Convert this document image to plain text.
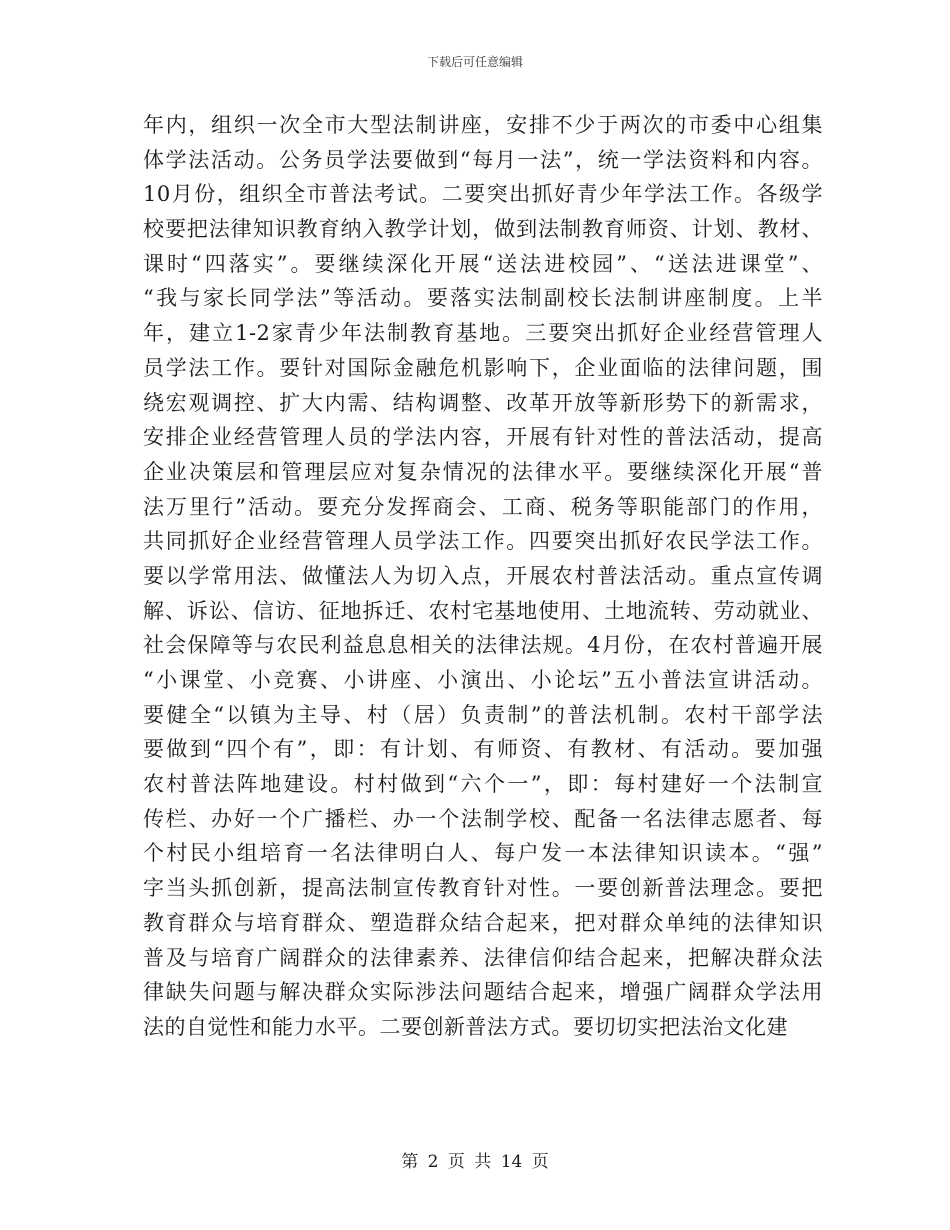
下载后可任意编辑
年内，组织一次全市大型法制讲座，安排不少于两次的市委中心组集
体学法活动。公务员学法要做到“每月一法”，统一学法资料和内容。
10月份，组织全市普法考试。二要突出抓好青少年学法工作。各级学
校要把法律知识教育纳入教学计划，做到法制教育师资、计划、教材、
课时“四落实”。要继续深化开展“送法进校园”、“送法进课堂”、
“我与家长同学法”等活动。要落实法制副校长法制讲座制度。上半
年，建立1-2家青少年法制教育基地。三要突出抓好企业经营管理人
员学法工作。要针对国际金融危机影响下，企业面临的法律问题，围
绕宏观调控、扩大内需、结构调整、改革开放等新形势下的新需求，
安排企业经营管理人员的学法内容，开展有针对性的普法活动，提高
企业决策层和管理层应对复杂情况的法律水平。要继续深化开展“普
法万里行”活动。要充分发挥商会、工商、税务等职能部门的作用，
共同抓好企业经营管理人员学法工作。四要突出抓好农民学法工作。
要以学常用法、做懂法人为切入点，开展农村普法活动。重点宣传调
解、诉讼、信访、征地拆迁、农村宅基地使用、土地流转、劳动就业、
社会保障等与农民利益息息相关的法律法规。4月份，在农村普遍开展
“小课堂、小竞赛、小讲座、小演出、小论坛”五小普法宣讲活动。
要健全“以镇为主导、村（居）负责制”的普法机制。农村干部学法
要做到“四个有”，即：有计划、有师资、有教材、有活动。要加强
农村普法阵地建设。村村做到“六个一”，即：每村建好一个法制宣
传栏、办好一个广播栏、办一个法制学校、配备一名法律志愿者、每
个村民小组培育一名法律明白人、每户发一本法律知识读本。“强”
字当头抓创新，提高法制宣传教育针对性。一要创新普法理念。要把
教育群众与培育群众、塑造群众结合起来，把对群众单纯的法律知识
普及与培育广阔群众的法律素养、法律信仰结合起来，把解决群众法
律缺失问题与解决群众实际涉法问题结合起来，增强广阔群众学法用
法的自觉性和能力水平。二要创新普法方式。要切切实把法治文化建
第 2 页 共 14 页
